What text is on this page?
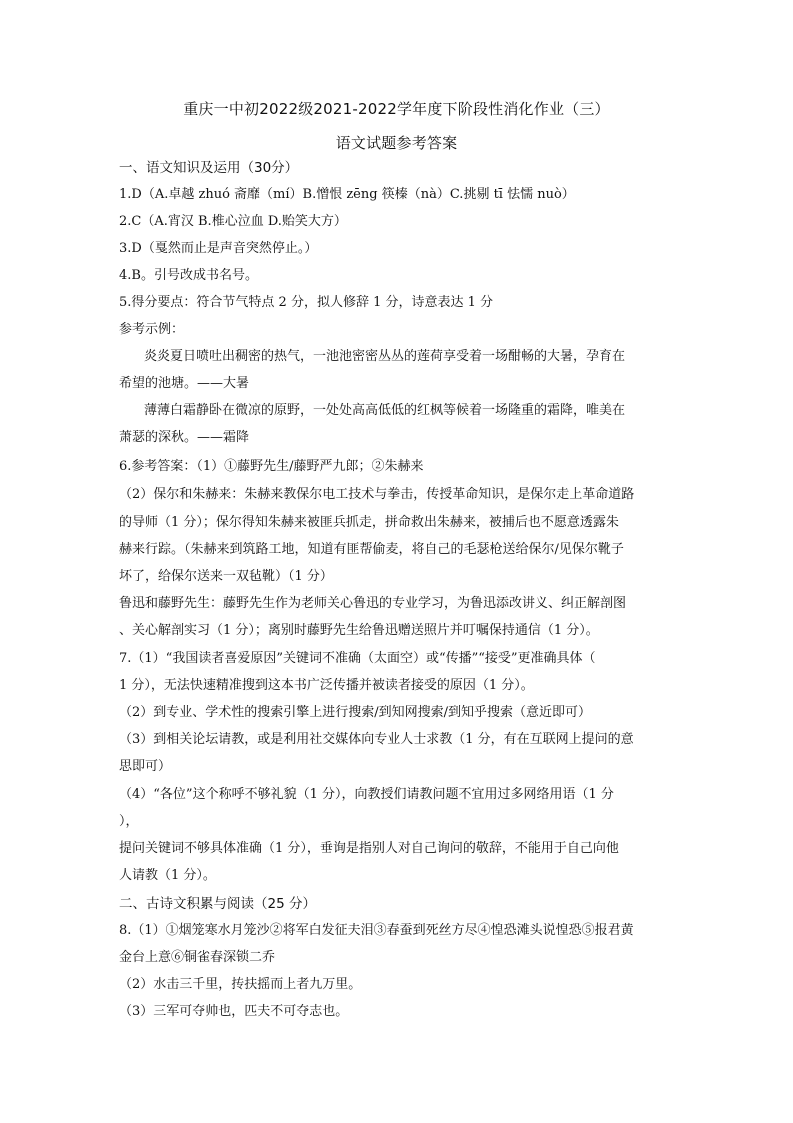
重庆一中初2022级2021-2022学年度下阶段性消化作业（三）
语文试题参考答案
一、语文知识及运用（30分）
1.D（A.卓越 zhuó 斋靡（mí）B.憎恨 zēng 筷榛（nà）C.挑剔 tī 怯懦 nuò）
2.C（A.宵汉 B.椎心泣血 D.贻笑大方）
3.D（戛然而止是声音突然停止。）
4.B。引号改成书名号。
5.得分要点：符合节气特点 2 分，拟人修辞 1 分，诗意表达 1 分
参考示例：
炎炎夏日喷吐出稠密的热气，一池池密密丛丛的莲荷享受着一场酣畅的大暑，孕育在
希望的池塘。——大暑
薄薄白霜静卧在微凉的原野，一处处高高低低的红枫等候着一场隆重的霜降，唯美在
萧瑟的深秋。——霜降
6.参考答案：（1）①藤野先生/藤野严九郎；②朱赫来
（2）保尔和朱赫来：朱赫来教保尔电工技术与拳击，传授革命知识，是保尔走上革命道路
的导师（1 分）；保尔得知朱赫来被匪兵抓走，拼命救出朱赫来，被捕后也不愿意透露朱
赫来行踪。（朱赫来到筑路工地，知道有匪帮偷麦，将自己的毛瑟枪送给保尔/见保尔靴子
坏了，给保尔送来一双毡靴）（1 分）
鲁迅和藤野先生：藤野先生作为老师关心鲁迅的专业学习，为鲁迅添改讲义、纠正解剖图
、关心解剖实习（1 分）；离别时藤野先生给鲁迅赠送照片并叮嘱保持通信（1 分）。
7.（1）“我国读者喜爱原因”关键词不准确（太面空）或“传播”“接受”更准确具体（
1 分），无法快速精准搜到这本书广泛传播并被读者接受的原因（1 分）。
（2）到专业、学术性的搜索引擎上进行搜索/到知网搜索/到知乎搜索（意近即可）
（3）到相关论坛请教，或是利用社交媒体向专业人士求教（1 分，有在互联网上提问的意
思即可）
（4）“各位”这个称呼不够礼貌（1 分），向教授们请教问题不宜用过多网络用语（1 分
），
提问关键词不够具体准确（1 分），垂询是指别人对自己询问的敬辞，不能用于自己向他
人请教（1 分）。
二、古诗文积累与阅读（25 分）
8.（1）①烟笼寒水月笼沙②将军白发征夫泪③春蚕到死丝方尽④惶恐滩头说惶恐⑤报君黄
金台上意⑥铜雀春深锁二乔
（2）水击三千里，抟扶摇而上者九万里。
（3）三军可夺帅也，匹夫不可夺志也。
